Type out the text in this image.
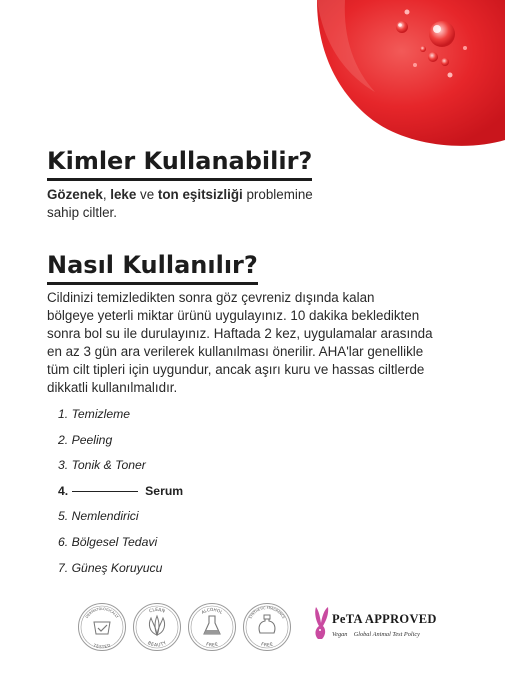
Kimler Kullanabilir?

Gözenek, leke ve ton eşitsizliği problemine
sahip ciltler.

Nasıl Kullanılır?

Cildinizi temizledikten sonra göz çevreniz dışında kalan
bölgeye yeterli miktar ürünü uygulayınız. 10 dakika bekledikten
sonra bol su ile durulayınız. Haftada 2 kez, uygulamalar arasında
en az 3 gün ara verilerek kullanılması önerilir. AHA'lar genellikle
tüm cilt tipleri için uygundur, ancak aşırı kuru ve hassas ciltlerde
dikkatli kullanılmalıdır.

1. Temizleme
2. Peeling
3. Tonik & Toner
4.	Serum
5. Nemlendirici
6. Bölgesel Tedavi
7. Güneş Koruyucu
DERMATOLOGICALLY
TESTED
CLEAN
BEAUTY
ALCOHOL
FREE
SYNTHETIC FRAGRANCE
FREE
PeTA APPROVED
Vegan Global Animal Test Policy
